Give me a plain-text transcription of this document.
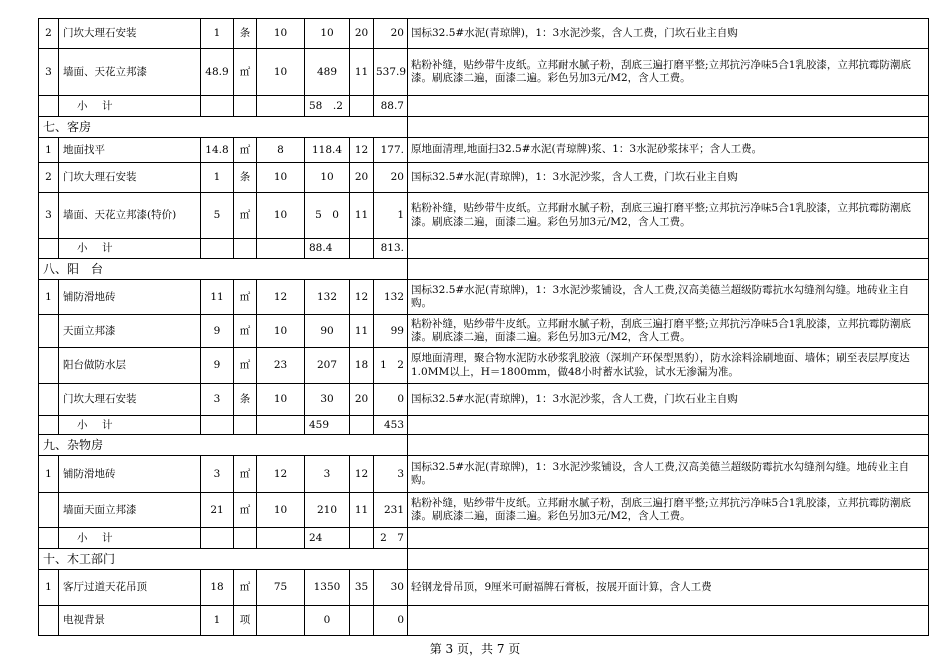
2	门坎大理石安装	1	条	10	10	20	20	国标32.5#水泥(青琼牌)，1：3水泥沙浆，含人工费，门坎石业主自购
3	墙面、天花立邦漆	48.9	㎡	10	489	11	537.9	粘粉补缝，贴纱带牛皮纸。立邦耐水腻子粉，刮底三遍打磨平整;立邦抗污净味5合1乳胶漆，立邦抗霉防潮底漆。刷底漆二遍，面漆二遍。彩色另加3元/M2，含人工费。
	小　计				58　.2		88.7	
七、客房								
1	地面找平	14.8	㎡	8	118.4	12	177.	原地面清理,地面扫32.5#水泥(青琼牌)浆、1：3水泥砂浆抹平；含人工费。
2	门坎大理石安装	1	条	10	10	20	20	国标32.5#水泥(青琼牌)，1：3水泥沙浆，含人工费，门坎石业主自购
3	墙面、天花立邦漆(特价)	5	㎡	10	5　0	11	1	粘粉补缝，贴纱带牛皮纸。立邦耐水腻子粉，刮底三遍打磨平整;立邦抗污净味5合1乳胶漆，立邦抗霉防潮底漆。刷底漆二遍，面漆二遍。彩色另加3元/M2，含人工费。
	小　计				88.4		813.	
八、阳　台								
1	铺防滑地砖	11	㎡	12	132	12	132	国标32.5#水泥(青琼牌)，1：3水泥沙浆铺设，含人工费,汉高美德兰超级防霉抗水勾缝剂勾缝。地砖业主自购。
	天面立邦漆	9	㎡	10	90	11	99	粘粉补缝，贴纱带牛皮纸。立邦耐水腻子粉，刮底三遍打磨平整;立邦抗污净味5合1乳胶漆，立邦抗霉防潮底漆。刷底漆二遍，面漆二遍。彩色另加3元/M2，含人工费。
	阳台做防水层	9	㎡	23	207	18	1　2	原地面清理，聚合物水泥防水砂浆乳胶液（深圳产环保型黑豹），防水涂料涂刷地面、墙体；刷至表层厚度达1.0MM以上，H＝1800mm，做48小时蓄水试验，试水无渗漏为准。
	门坎大理石安装	3	条	10	30	20	0	国标32.5#水泥(青琼牌)，1：3水泥沙浆，含人工费，门坎石业主自购
	小　计				459		453	
九、杂物房								
1	铺防滑地砖	3	㎡	12	3	12	3	国标32.5#水泥(青琼牌)，1：3水泥沙浆铺设，含人工费,汉高美德兰超级防霉抗水勾缝剂勾缝。地砖业主自购。
	墙面天面立邦漆	21	㎡	10	210	11	231	粘粉补缝，贴纱带牛皮纸。立邦耐水腻子粉，刮底三遍打磨平整;立邦抗污净味5合1乳胶漆，立邦抗霉防潮底漆。刷底漆二遍，面漆二遍。彩色另加3元/M2，含人工费。
	小　计				24		2　7	
十、木工部门								
1	客厅过道天花吊顶	18	㎡	75	1350	35	30	轻钢龙骨吊顶，9厘米可耐福牌石膏板，按展开面计算，含人工费
	电视背景	1	项		0		0	
第 3 页，共 7 页
